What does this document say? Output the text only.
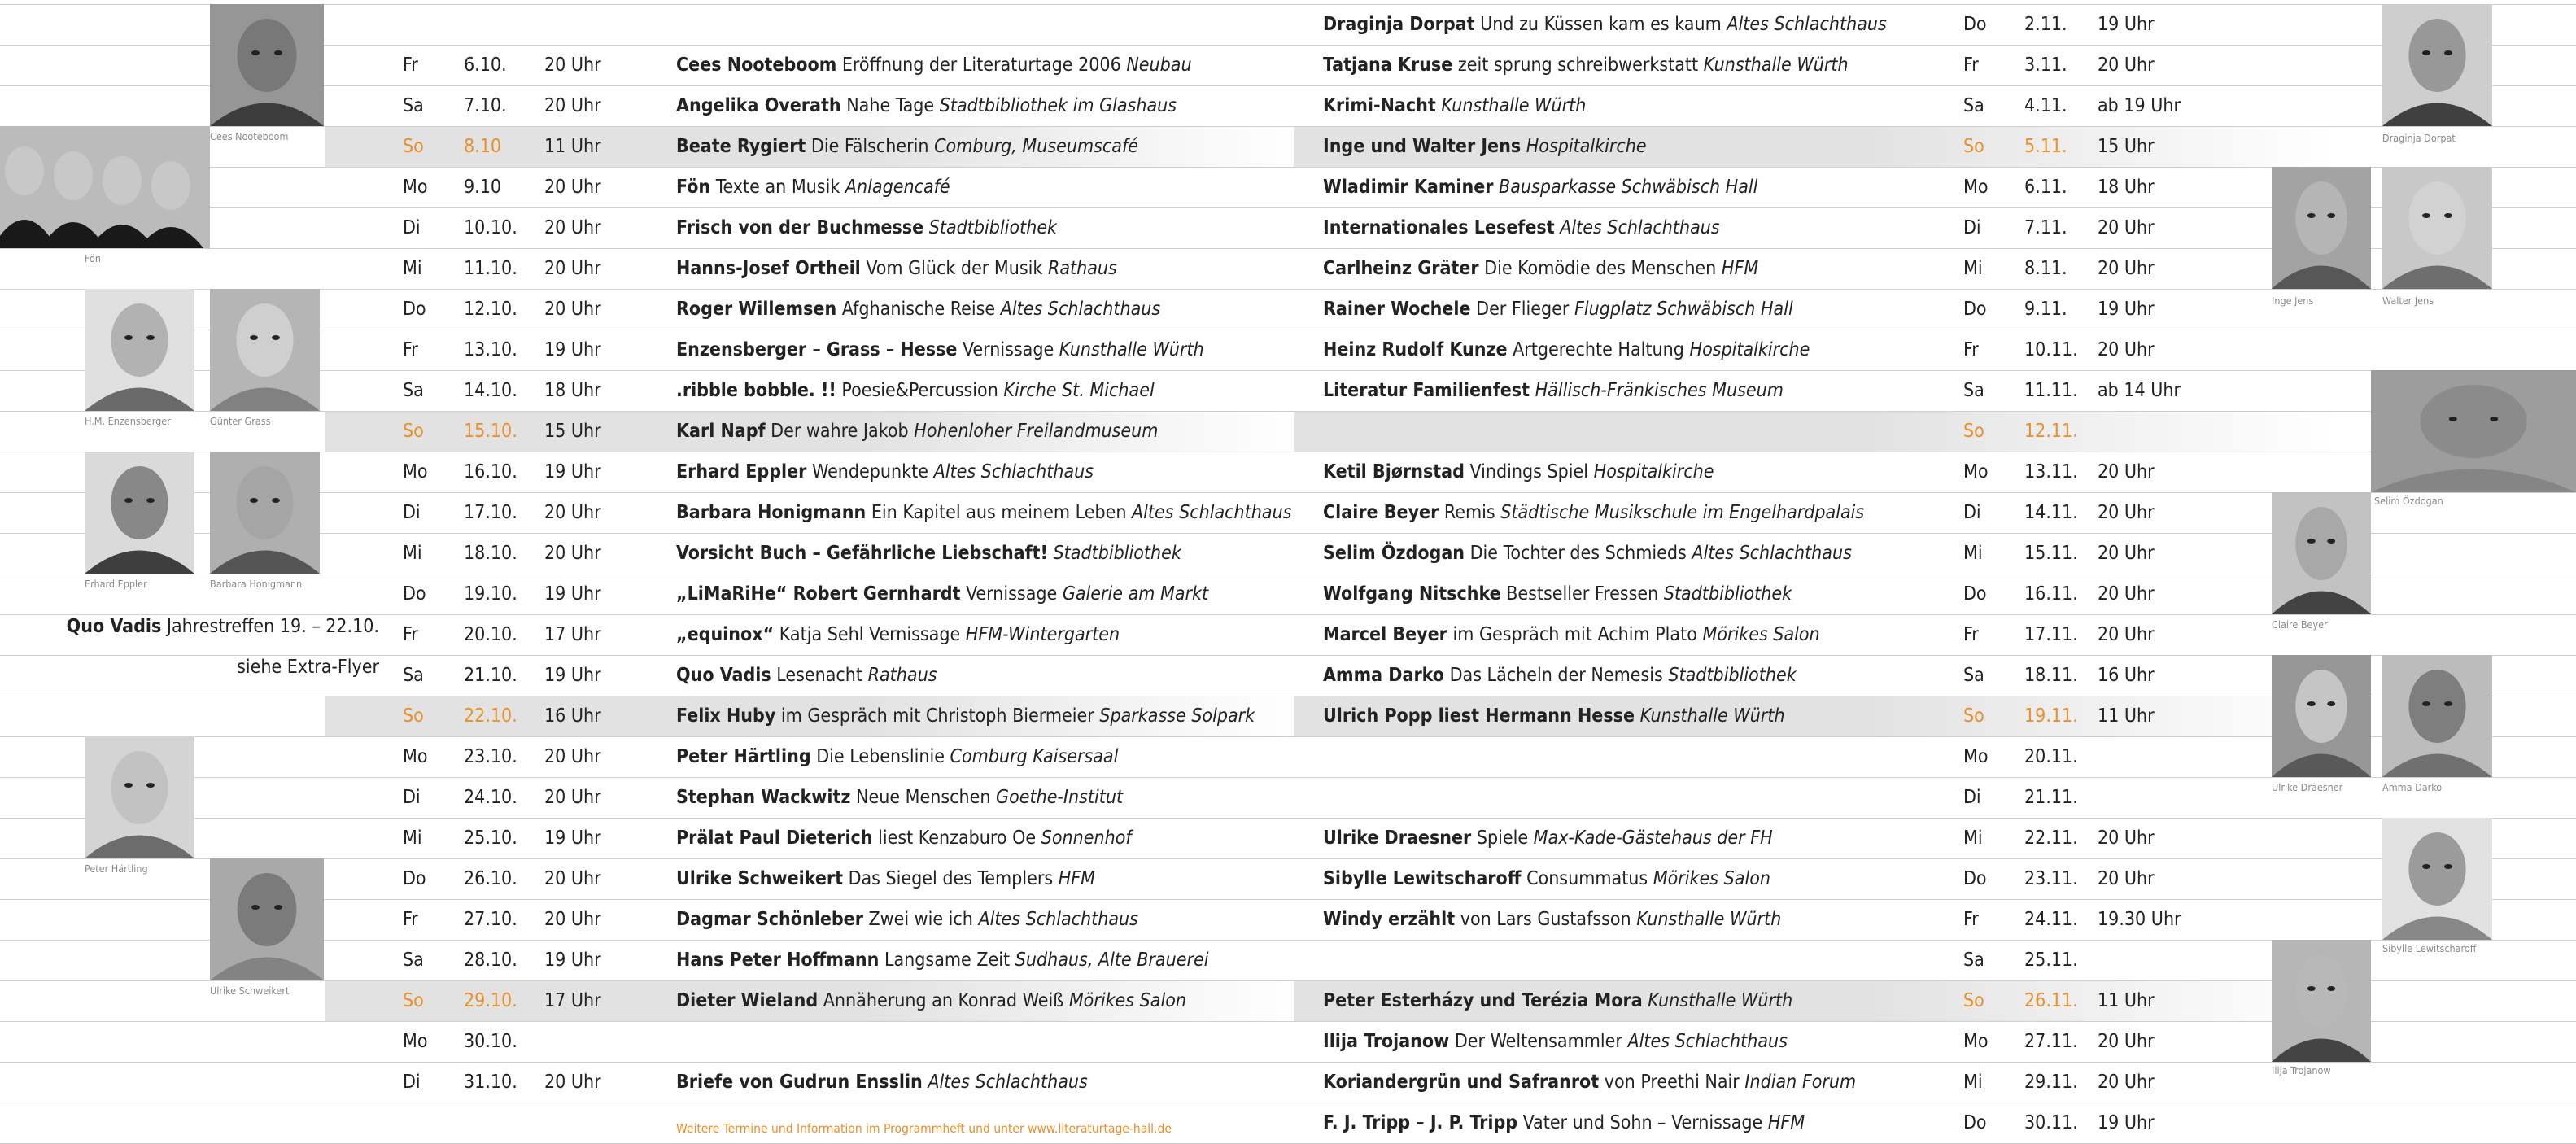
Fr 6.10. 20 Uhr	Cees Nooteboom Eröffnung der Literaturtage 2006 Neubau
Sa 7.10. 20 Uhr	Angelika Overath Nahe Tage Stadtbibliothek im Glashaus
So 8.10 11 Uhr	Beate Rygiert Die Fälscherin Comburg, Museumscafé
Mo 9.10 20 Uhr	Fön Texte an Musik Anlagencafé
Di 10.10. 20 Uhr	Frisch von der Buchmesse Stadtbibliothek
Mi 11.10. 20 Uhr	Hanns-Josef Ortheil Vom Glück der Musik Rathaus
Do 12.10. 20 Uhr	Roger Willemsen Afghanische Reise Altes Schlachthaus
Fr 13.10. 19 Uhr	Enzensberger – Grass – Hesse Vernissage Kunsthalle Würth
Sa 14.10. 18 Uhr	.ribble bobble. !! Poesie&Percussion Kirche St. Michael
So 15.10. 15 Uhr	Karl Napf Der wahre Jakob Hohenloher Freilandmuseum
Mo 16.10. 19 Uhr	Erhard Eppler Wendepunkte Altes Schlachthaus
Di 17.10. 20 Uhr	Barbara Honigmann Ein Kapitel aus meinem Leben Altes Schlachthaus
Mi 18.10. 20 Uhr	Vorsicht Buch – Gefährliche Liebschaft! Stadtbibliothek
Do 19.10. 19 Uhr	„LiMaRiHe“ Robert Gernhardt Vernissage Galerie am Markt
Fr 20.10. 17 Uhr	„equinox“ Katja Sehl Vernissage HFM-Wintergarten
Sa 21.10. 19 Uhr	Quo Vadis Lesenacht Rathaus
So 22.10. 16 Uhr	Felix Huby im Gespräch mit Christoph Biermeier Sparkasse Solpark
Mo 23.10. 20 Uhr	Peter Härtling Die Lebenslinie Comburg Kaisersaal
Di 24.10. 20 Uhr	Stephan Wackwitz Neue Menschen Goethe-Institut
Mi 25.10. 19 Uhr	Prälat Paul Dieterich liest Kenzaburo Oe Sonnenhof
Do 26.10. 20 Uhr	Ulrike Schweikert Das Siegel des Templers HFM
Fr 27.10. 20 Uhr	Dagmar Schönleber Zwei wie ich Altes Schlachthaus
Sa 28.10. 19 Uhr	Hans Peter Hoffmann Langsame Zeit Sudhaus, Alte Brauerei
So 29.10. 17 Uhr	Dieter Wieland Annäherung an Konrad Weiß Mörikes Salon
Mo 30.10.
Di 31.10. 20 Uhr	Briefe von Gudrun Ensslin Altes Schlachthaus
Draginja Dorpat Und zu Küssen kam es kaum Altes Schlachthaus	Do 2.11. 19 Uhr
Tatjana Kruse zeit sprung schreibwerkstatt Kunsthalle Würth	Fr 3.11. 20 Uhr
Krimi-Nacht Kunsthalle Würth	Sa 4.11. ab 19 Uhr
Inge und Walter Jens Hospitalkirche	So 5.11. 15 Uhr
Wladimir Kaminer Bausparkasse Schwäbisch Hall	Mo 6.11. 18 Uhr
Internationales Lesefest Altes Schlachthaus	Di 7.11. 20 Uhr
Carlheinz Gräter Die Komödie des Menschen HFM	Mi 8.11. 20 Uhr
Rainer Wochele Der Flieger Flugplatz Schwäbisch Hall	Do 9.11. 19 Uhr
Heinz Rudolf Kunze Artgerechte Haltung Hospitalkirche	Fr 10.11. 20 Uhr
Literatur Familienfest Hällisch-Fränkisches Museum	Sa 11.11. ab 14 Uhr
So 12.11.
Ketil Bjørnstad Vindings Spiel Hospitalkirche	Mo 13.11. 20 Uhr
Claire Beyer Remis Städtische Musikschule im Engelhardpalais	Di 14.11. 20 Uhr
Selim Özdogan Die Tochter des Schmieds Altes Schlachthaus	Mi 15.11. 20 Uhr
Wolfgang Nitschke Bestseller Fressen Stadtbibliothek	Do 16.11. 20 Uhr
Marcel Beyer im Gespräch mit Achim Plato Mörikes Salon	Fr 17.11. 20 Uhr
Amma Darko Das Lächeln der Nemesis Stadtbibliothek	Sa 18.11. 16 Uhr
Ulrich Popp liest Hermann Hesse Kunsthalle Würth	So 19.11. 11 Uhr
Mo 20.11.
Di 21.11.
Ulrike Draesner Spiele Max-Kade-Gästehaus der FH	Mi 22.11. 20 Uhr
Sibylle Lewitscharoff Consummatus Mörikes Salon	Do 23.11. 20 Uhr
Windy erzählt von Lars Gustafsson Kunsthalle Würth	Fr 24.11. 19.30 Uhr
Sa 25.11.
Peter Esterházy und Terézia Mora Kunsthalle Würth	So 26.11. 11 Uhr
Ilija Trojanow Der Weltensammler Altes Schlachthaus	Mo 27.11. 20 Uhr
Koriandergrün und Safranrot von Preethi Nair Indian Forum	Mi 29.11. 20 Uhr
F. J. Tripp – J. P. Tripp Vater und Sohn – Vernissage HFM	Do 30.11. 19 Uhr
Quo Vadis Jahrestreffen 19. – 22.10.
siehe Extra-Flyer
Weitere Termine und Information im Programmheft und unter www.literaturtage-hall.de
Cees Nooteboom
Fön
H.M. Enzensberger	Günter Grass
Erhard Eppler	Barbara Honigmann
Peter Härtling
Ulrike Schweikert
Draginja Dorpat
Inge Jens	Walter Jens
Selim Özdogan
Claire Beyer
Ulrike Draesner	Amma Darko
Sibylle Lewitscharoff
Ilija Trojanow
